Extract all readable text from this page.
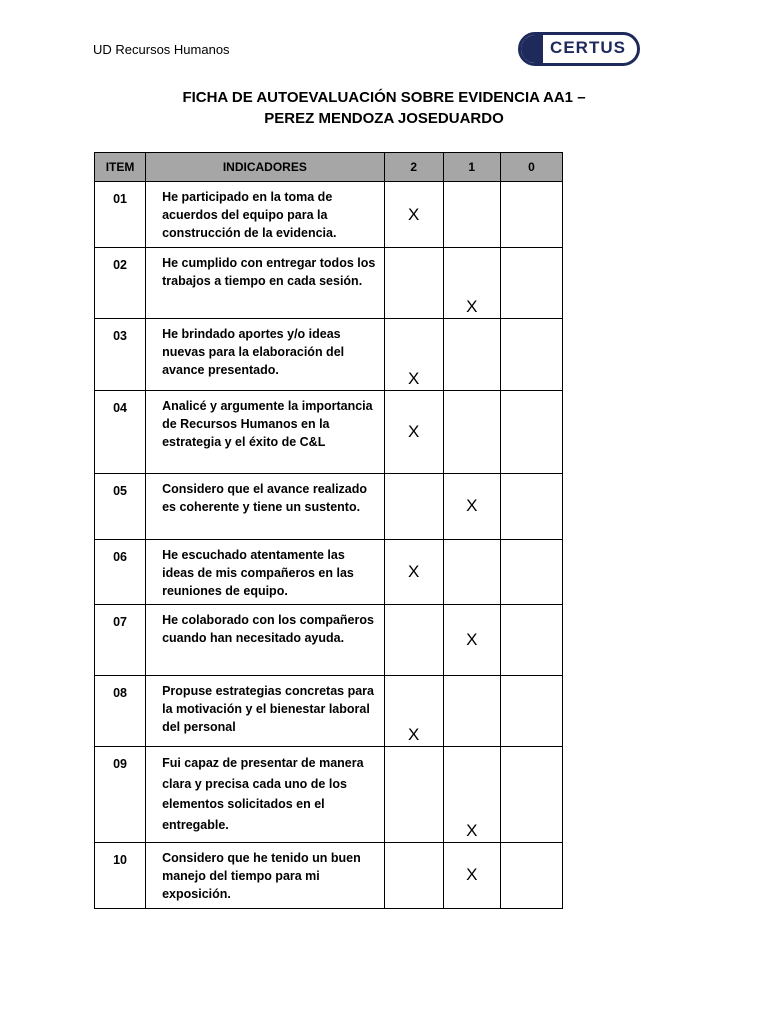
UD Recursos Humanos	CERTUS
FICHA DE AUTOEVALUACIÓN SOBRE EVIDENCIA AA1 –
PEREZ MENDOZA JOSEDUARDO
ITEM	INDICADORES	2	1	0
01	He participado en la toma de acuerdos del equipo para la construcción de la evidencia.	X		

02	He cumplido con entregar todos los trabajos a tiempo en cada sesión.		X	

03	He brindado aportes y/o ideas nuevas para la elaboración del avance presentado.	X		

04	Analicé y argumente la importancia de Recursos Humanos en la estrategia y el éxito de C&L	X		

05	Considero que el avance realizado es coherente y tiene un sustento.		X	

06	He escuchado atentamente las ideas de mis compañeros en las reuniones de equipo.	X		

07	He colaborado con los compañeros cuando han necesitado ayuda.		X	

08	Propuse estrategias concretas para la motivación y el bienestar laboral del personal	X		

09	Fui capaz de presentar de manera clara y precisa cada uno de los elementos solicitados en el entregable.		X	

10	Considero que he tenido un buen manejo del tiempo para mi exposición.		X	
